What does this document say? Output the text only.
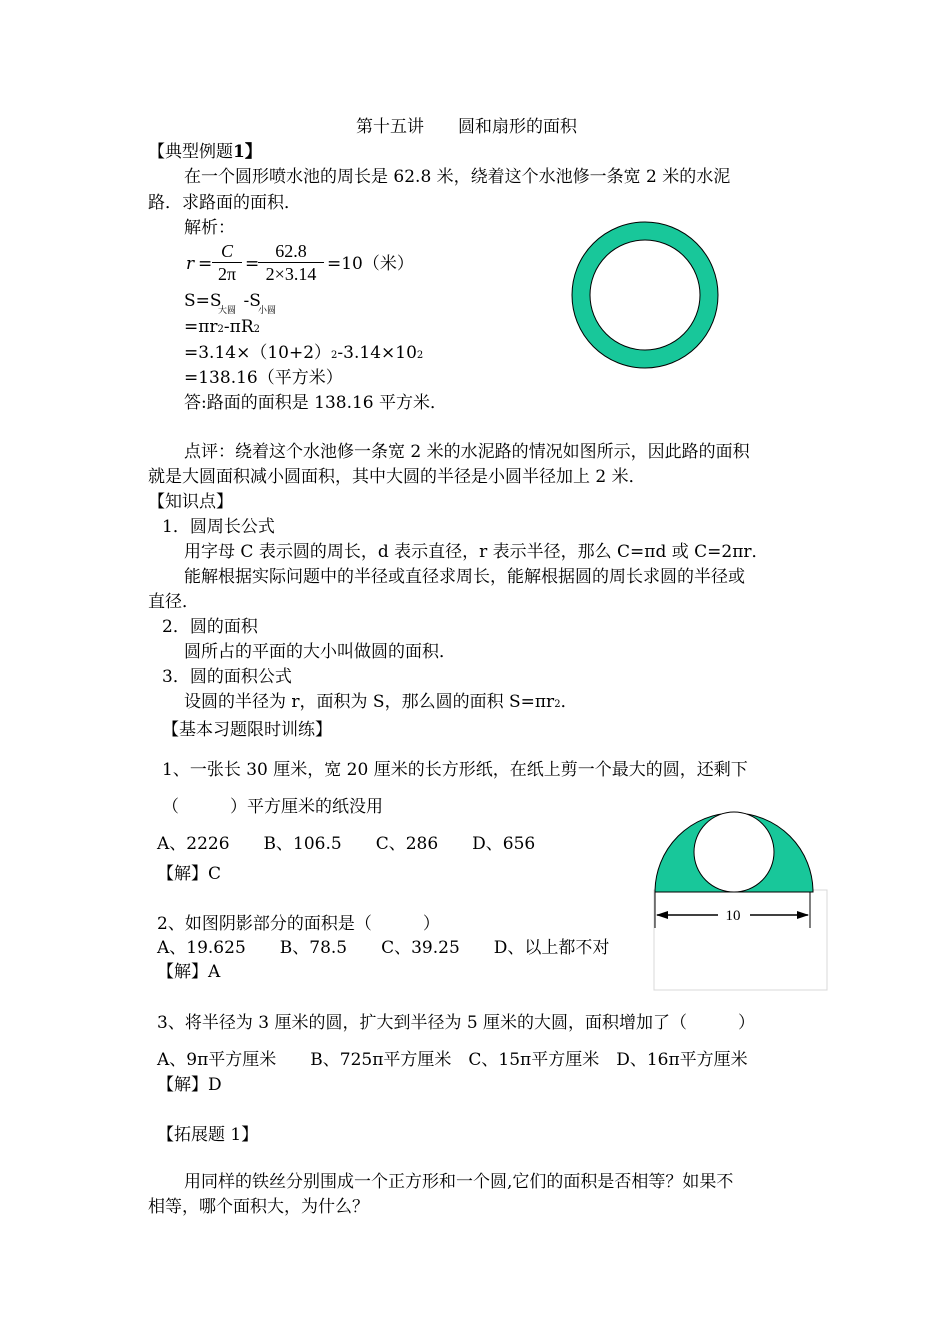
第十五讲　　圆和扇形的面积
【典型例题1】
在一个圆形喷水池的周长是 62.8 米，绕着这个水池修一条宽 2 米的水泥
路．求路面的面积．
解析：
r =
C
2π =
62.8
2×3.14 =10（米）
S=S -S
大圆 小圆
=πr2-πR2
=3.14×（10+2）2-3.14×102
=138.16（平方米）
答:路面的面积是 138.16 平方米．
点评：绕着这个水池修一条宽 2 米的水泥路的情况如图所示，因此路的面积
就是大圆面积减小圆面积，其中大圆的半径是小圆半径加上 2 米．
【知识点】
1．圆周长公式
用字母 C 表示圆的周长，d 表示直径，r 表示半径，那么 C=πd 或 C=2πr．
能解根据实际问题中的半径或直径求周长，能解根据圆的周长求圆的半径或
直径．
2．圆的面积
圆所占的平面的大小叫做圆的面积．
3．圆的面积公式
设圆的半径为 r，面积为 S，那么圆的面积 S=πr2．
【基本习题限时训练】
1、一张长 30 厘米，宽 20 厘米的长方形纸，在纸上剪一个最大的圆，还剩下
（　　　）平方厘米的纸没用
A、2226　　B、106.5　　C、286　　D、656
【解】C
10
2、如图阴影部分的面积是（　　　）
A、19.625　　B、78.5　　C、39.25　　D、以上都不对
【解】A
3、将半径为 3 厘米的圆，扩大到半径为 5 厘米的大圆，面积增加了（　　　）
A、9π平方厘米　　B、725π平方厘米　C、15π平方厘米　D、16π平方厘米
【解】D
【拓展题 1】
用同样的铁丝分别围成一个正方形和一个圆,它们的面积是否相等？如果不
相等，哪个面积大，为什么？
